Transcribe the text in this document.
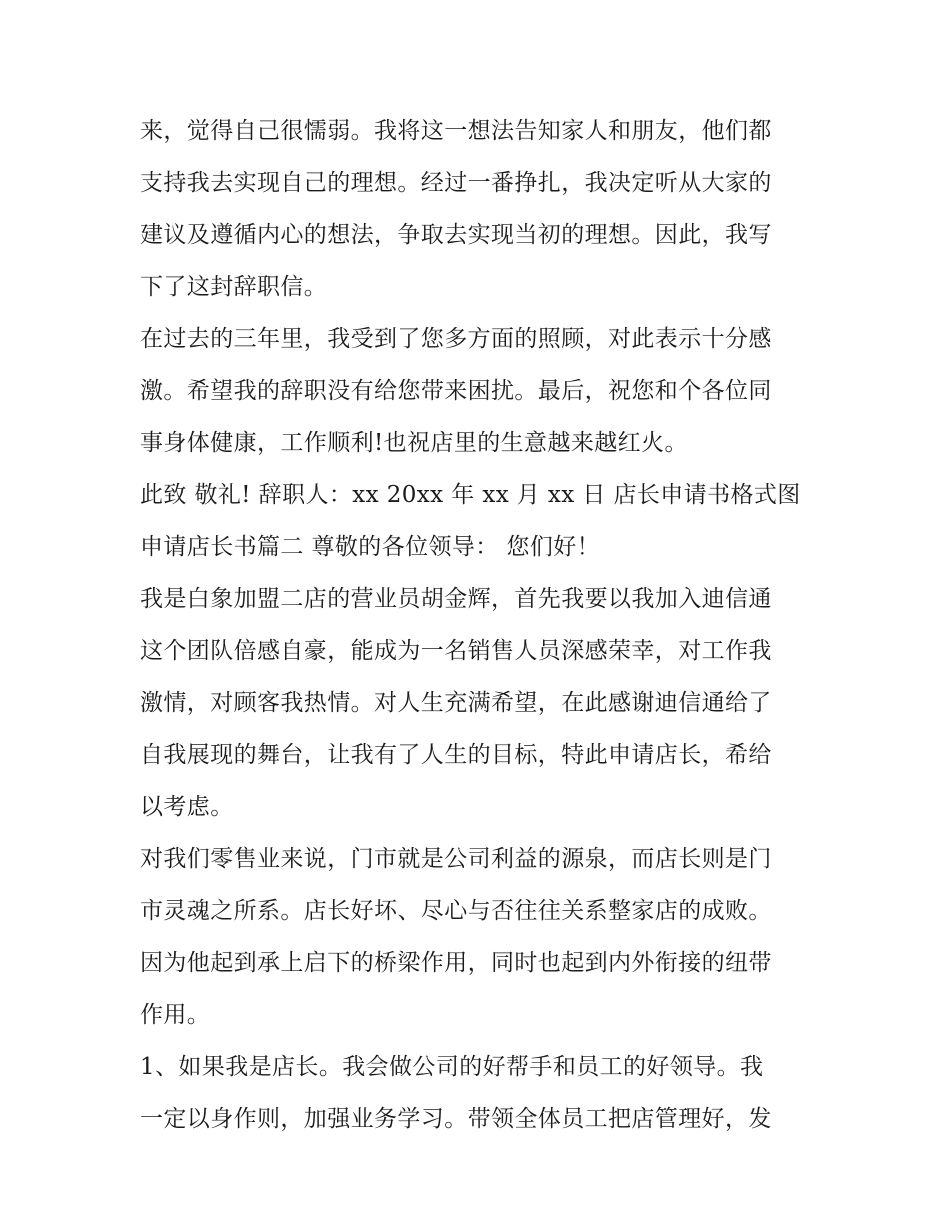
来，觉得自己很懦弱。我将这一想法告知家人和朋友，他们都
支持我去实现自己的理想。经过一番挣扎，我决定听从大家的
建议及遵循内心的想法，争取去实现当初的理想。因此，我写
下了这封辞职信。
在过去的三年里，我受到了您多方面的照顾，对此表示十分感
激。希望我的辞职没有给您带来困扰。最后，祝您和个各位同
事身体健康，工作顺利!也祝店里的生意越来越红火。
此致 敬礼! 辞职人：xx 20xx 年 xx 月 xx 日 店长申请书格式图
申请店长书篇二 尊敬的各位领导： 您们好！
我是白象加盟二店的营业员胡金辉，首先我要以我加入迪信通
这个团队倍感自豪，能成为一名销售人员深感荣幸，对工作我
激情，对顾客我热情。对人生充满希望，在此感谢迪信通给了
自我展现的舞台，让我有了人生的目标，特此申请店长，希给
以考虑。
对我们零售业来说，门市就是公司利益的源泉，而店长则是门
市灵魂之所系。店长好坏、尽心与否往往关系整家店的成败。
因为他起到承上启下的桥梁作用，同时也起到内外衔接的纽带
作用。
1、如果我是店长。我会做公司的好帮手和员工的好领导。我
一定以身作则，加强业务学习。带领全体员工把店管理好，发
